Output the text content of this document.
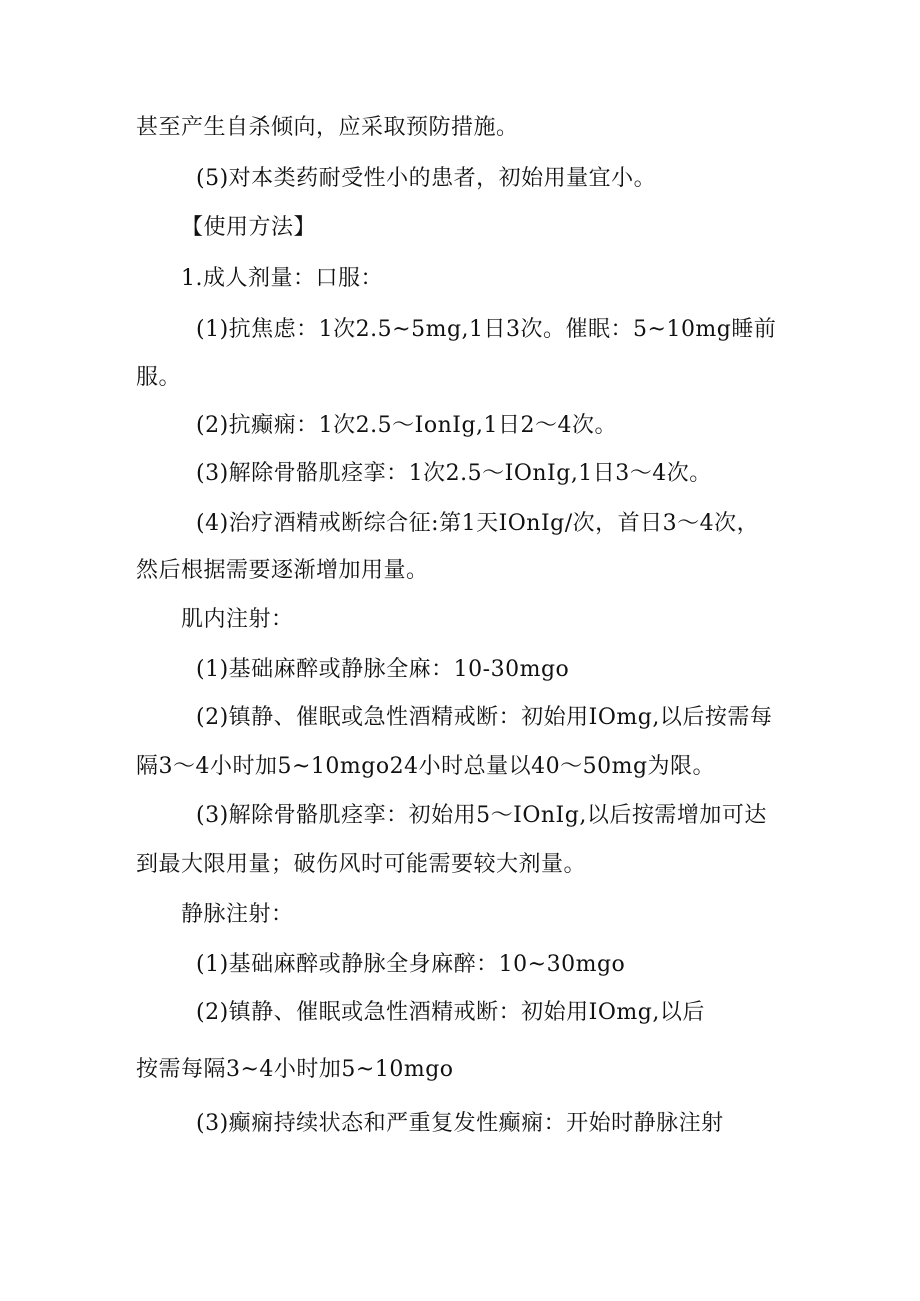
甚至产生自杀倾向，应采取预防措施。
(5)对本类药耐受性小的患者，初始用量宜小。
【使用方法】
1.成人剂量：口服：
(1)抗焦虑：1次2.5~5mg,1日3次。催眠：5~10mg睡前
服。
(2)抗癫痫：1次2.5～IonIg,1日2～4次。
(3)解除骨骼肌痉挛：1次2.5～IOnIg,1日3～4次。
(4)治疗酒精戒断综合征:第1天IOnIg/次，首日3～4次，
然后根据需要逐渐增加用量。
肌内注射：
(1)基础麻醉或静脉全麻：10-30mgo
(2)镇静、催眠或急性酒精戒断：初始用IOmg,以后按需每
隔3～4小时加5~10mgo24小时总量以40～50mg为限。
(3)解除骨骼肌痉挛：初始用5～IOnIg,以后按需增加可达
到最大限用量；破伤风时可能需要较大剂量。
静脉注射：
(1)基础麻醉或静脉全身麻醉：10~30mgo
(2)镇静、催眠或急性酒精戒断：初始用IOmg,以后
按需每隔3~4小时加5~10mgo
(3)癫痫持续状态和严重复发性癫痫：开始时静脉注射
